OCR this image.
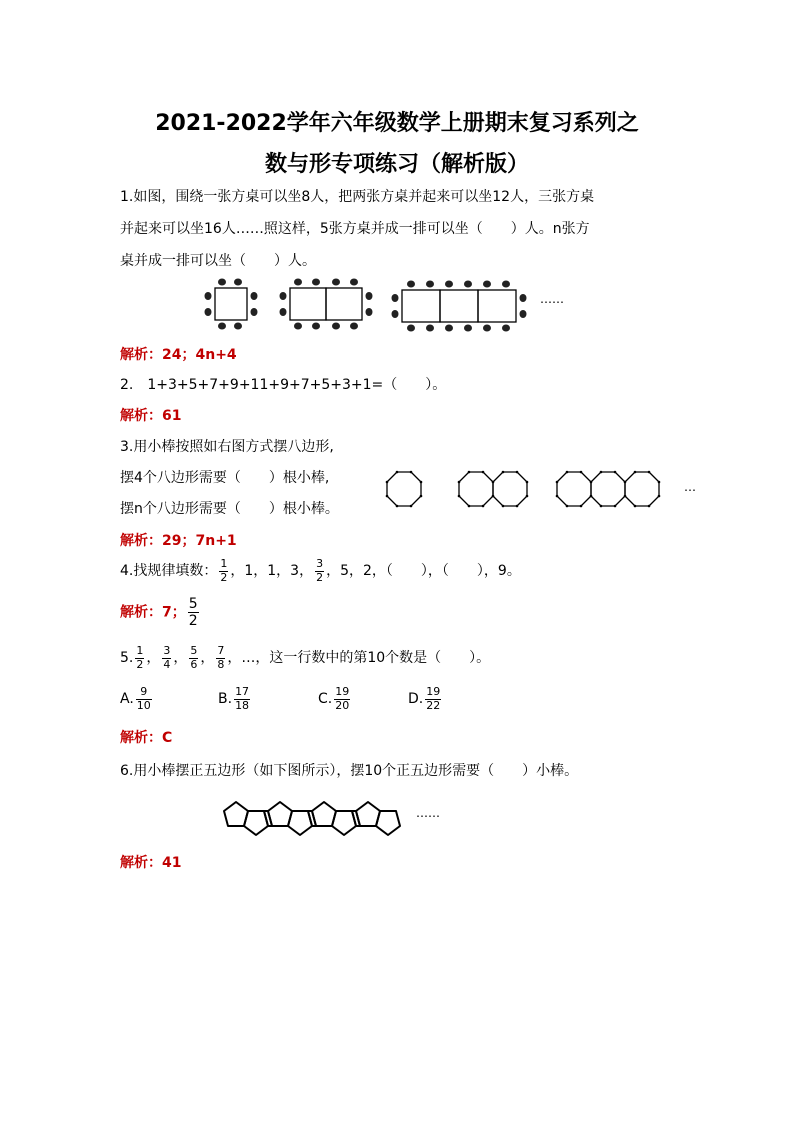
2021-2022学年六年级数学上册期末复习系列之
数与形专项练习（解析版）
1.如图，围绕一张方桌可以坐8人，把两张方桌并起来可以坐12人，三张方桌
并起来可以坐16人……照这样，5张方桌并成一排可以坐（　　）人。n张方
桌并成一排可以坐（　　）人。
……
解析：24；4n+4
2.　1+3+5+7+9+11+9+7+5+3+1=（　　）。
解析：61
3.用小棒按照如右图方式摆八边形,
摆4个八边形需要（　　）根小棒,
摆n个八边形需要（　　）根小棒。
…
解析：29；7n+1
4.找规律填数： $\frac{1}{2}$ ，1，1，3， $\frac{3}{2}$ ，5，2，（　　），（　　），9。
解析：7； $\frac{5}{2}$
5. $\frac{1}{2}$ ， $\frac{3}{4}$ ， $\frac{5}{6}$ ， $\frac{7}{8}$ ，…，这一行数中的第10个数是（　　）。
A. $\frac{9}{10}$	B. $\frac{17}{18}$	C. $\frac{19}{20}$	D. $\frac{19}{22}$
解析：C
6.用小棒摆正五边形（如下图所示），摆10个正五边形需要（　　）小棒。
……
解析：41
